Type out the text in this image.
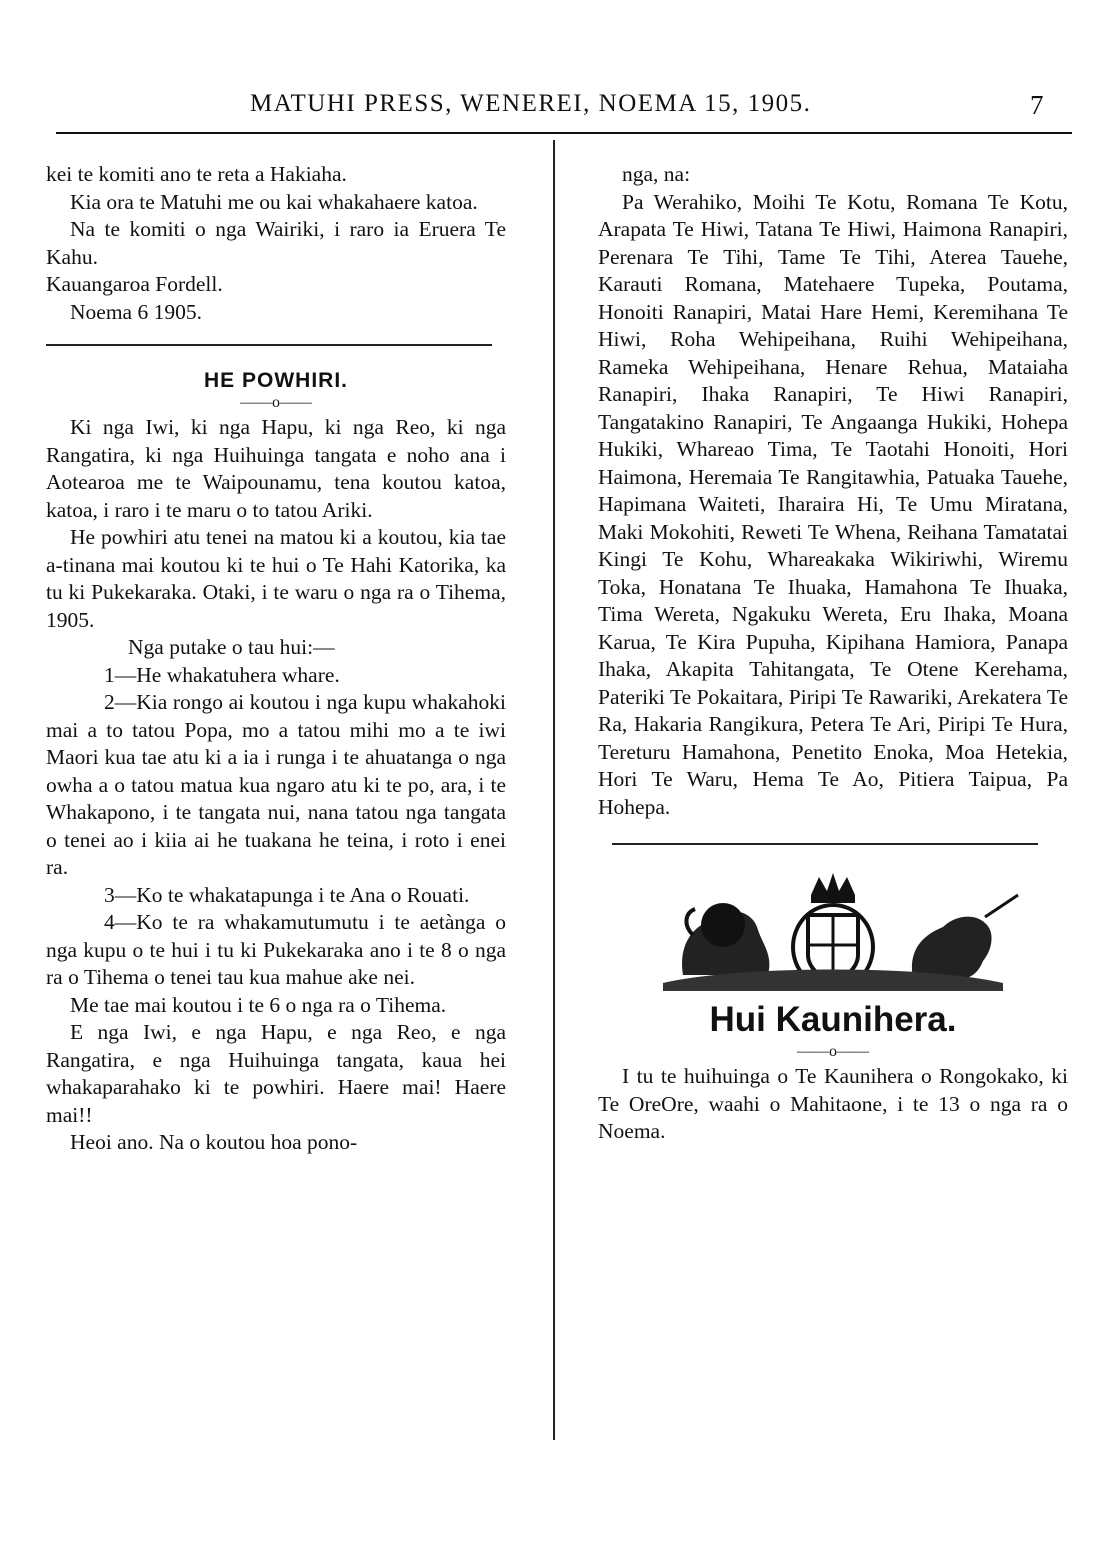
MATUHI PRESS, WENEREI, NOEMA 15, 1905.	7

kei te komiti ano te reta a Hakiaha.

Kia ora te Matuhi me ou kai whakahaere katoa.

Na te komiti o nga Wairiki, i raro ia Eruera Te Kahu.

Kauangaroa Fordell.

Noema 6 1905.

HE POWHIRI.
——o——

Ki nga Iwi, ki nga Hapu, ki nga Reo, ki nga Rangatira, ki nga Huihuinga tangata e noho ana i Aotearoa me te Waipounamu, tena koutou katoa, katoa, i raro i te maru o to tatou Ariki.

He powhiri atu tenei na matou ki a koutou, kia tae a-tinana mai koutou ki te hui o Te Hahi Katorika, ka tu ki Pukekaraka. Otaki, i te waru o nga ra o Tihema, 1905.

Nga putake o tau hui:—

1—He whakatuhera whare.

2—Kia rongo ai koutou i nga kupu whakahoki mai a to tatou Popa, mo a tatou mihi mo a te iwi Maori kua tae atu ki a ia i runga i te ahuatanga o nga owha a o tatou matua kua ngaro atu ki te po, ara, i te Whakapono, i te tangata nui, nana tatou nga tangata o tenei ao i kiia ai he tuakana he teina, i roto i enei ra.

3—Ko te whakatapunga i te Ana o Rouati.

4—Ko te ra whakamutumutu i te aetànga o nga kupu o te hui i tu ki Pukekaraka ano i te 8 o nga ra o Tihema o tenei tau kua mahue ake nei.

Me tae mai koutou i te 6 o nga ra o Tihema.

E nga Iwi, e nga Hapu, e nga Reo, e nga Rangatira, e nga Huihuinga tangata, kaua hei whakaparahako ki te powhiri. Haere mai! Haere mai!!

Heoi ano. Na o koutou hoa pono-

nga, na:

Pa Werahiko, Moihi Te Kotu, Romana Te Kotu, Arapata Te Hiwi, Tatana Te Hiwi, Haimona Ranapiri, Perenara Te Tihi, Tame Te Tihi, Aterea Tauehe, Karauti Romana, Matehaere Tupeka, Poutama, Honoiti Ranapiri, Matai Hare Hemi, Keremihana Te Hiwi, Roha Wehipeihana, Ruihi Wehipeihana, Rameka Wehipeihana, Henare Rehua, Mataiaha Ranapiri, Ihaka Ranapiri, Te Hiwi Ranapiri, Tangatakino Ranapiri, Te Angaanga Hukiki, Hohepa Hukiki, Whareao Tima, Te Taotahi Honoiti, Hori Haimona, Heremaia Te Rangitawhia, Patuaka Tauehe, Hapimana Waiteti, Iharaira Hi, Te Umu Miratana, Maki Mokohiti, Reweti Te Whena, Reihana Tamatatai Kingi Te Kohu, Whareakaka Wikiriwhi, Wiremu Toka, Honatana Te Ihuaka, Hamahona Te Ihuaka, Tima Wereta, Ngakuku Wereta, Eru Ihaka, Moana Karua, Te Kira Pupuha, Kipihana Hamiora, Panapa Ihaka, Akapita Tahitangata, Te Otene Kerehama, Pateriki Te Pokaitara, Piripi Te Rawariki, Arekatera Te Ra, Hakaria Rangikura, Petera Te Ari, Piripi Te Hura, Tereturu Hamahona, Penetito Enoka, Moa Hetekia, Hori Te Waru, Hema Te Ao, Pitiera Taipua, Pa Hohepa.

Hui Kaunihera.
——o——

I tu te huihuinga o Te Kaunihera o Rongokako, ki Te OreOre, waahi o Mahitaone, i te 13 o nga ra o Noema.
